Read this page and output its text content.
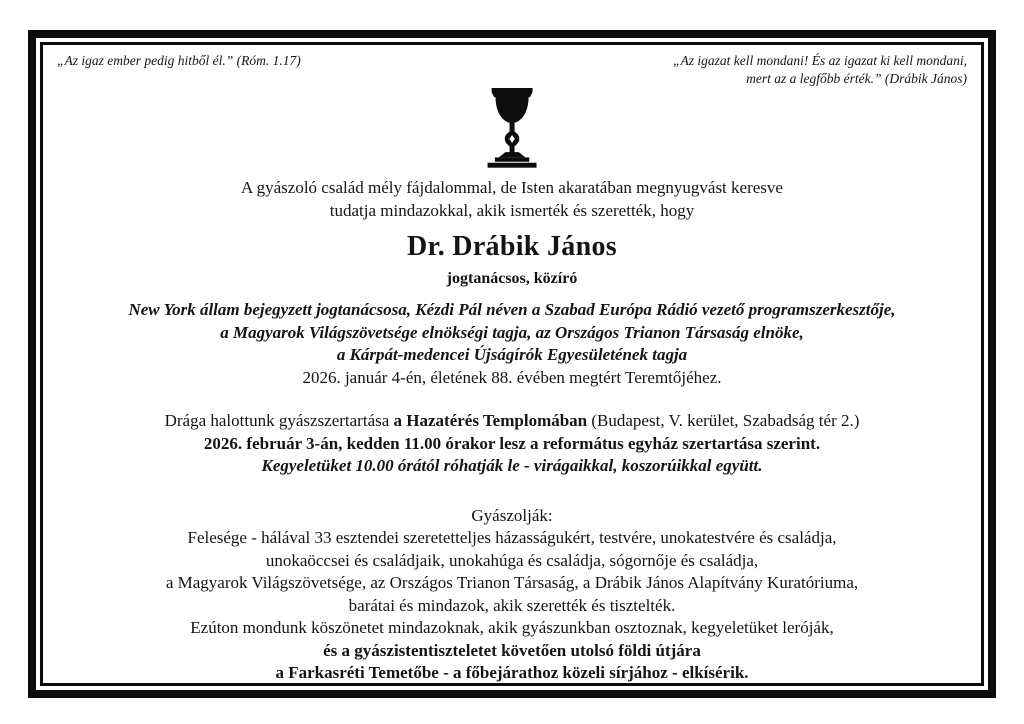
„Az igaz ember pedig hitből él.” (Róm. 1.17)	„Az igazat kell mondani! És az igazat ki kell mondani,
mert az a legfőbb érték.” (Drábik János)
A gyászoló család mély fájdalommal, de Isten akaratában megnyugvást keresve
tudatja mindazokkal, akik ismerték és szerették, hogy
Dr. Drábik János
jogtanácsos, közíró
New York állam bejegyzett jogtanácsosa, Kézdi Pál néven a Szabad Európa Rádió vezető programszerkesztője,
a Magyarok Világszövetsége elnökségi tagja, az Országos Trianon Társaság elnöke,
a Kárpát-medencei Újságírók Egyesületének tagja
2026. január 4-én, életének 88. évében megtért Teremtőjéhez.
Drága halottunk gyászszertartása a Hazatérés Templomában (Budapest, V. kerület, Szabadság tér 2.)
2026. február 3-án, kedden 11.00 órakor lesz a református egyház szertartása szerint.
Kegyeletüket 10.00 órától róhatják le - virágaikkal, koszorúikkal együtt.
Gyászolják:
Felesége - hálával 33 esztendei szeretetteljes házasságukért, testvére, unokatestvére és családja,
unokaöccsei és családjaik, unokahúga és családja, sógornője és családja,
a Magyarok Világszövetsége, az Országos Trianon Társaság, a Drábik János Alapítvány Kuratóriuma,
barátai és mindazok, akik szerették és tisztelték.
Ezúton mondunk köszönetet mindazoknak, akik gyászunkban osztoznak, kegyeletüket leróják,
és a gyászistentiszteletet követően utolsó földi útjára
a Farkasréti Temetőbe - a főbejárathoz közeli sírjához - elkísérik.
